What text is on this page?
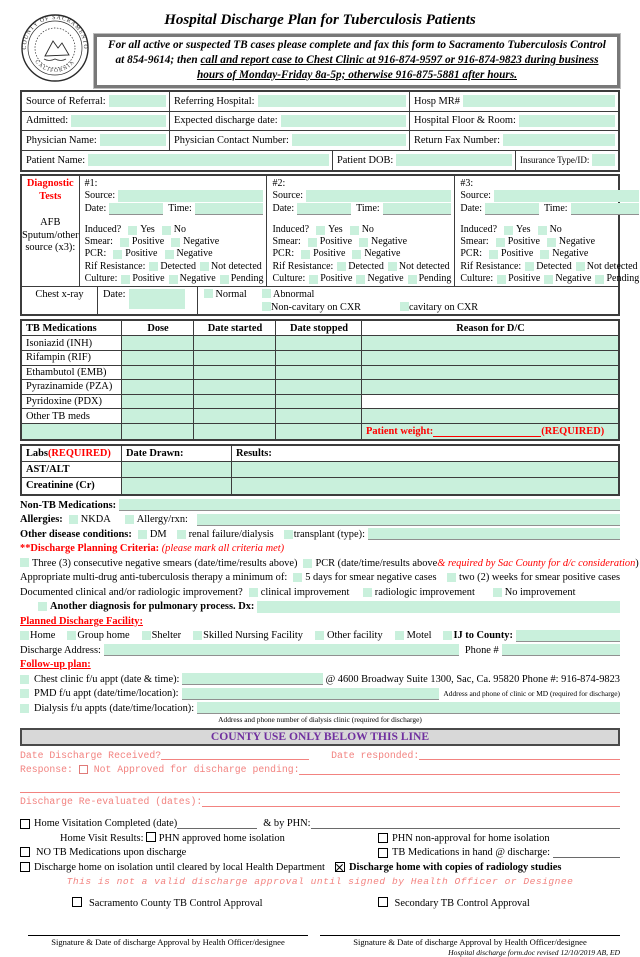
COUNTY OF SACRAMENTO
CALIFORNIA
Hospital Discharge Plan for Tuberculosis Patients
For all active or suspected TB cases please complete and fax this form to Sacramento Tuberculosis Control at 854-9614; then call and report case to Chest Clinic at 916-874-9597 or 916-874-9823 during business hours of Monday-Friday 8a-5p; otherwise 916-875-5881 after hours.
Source of Referral:	Referring Hospital:	Hosp MR#
Admitted:	Expected discharge date:	Hospital Floor & Room:
Physician Name:	Physician Contact Number:	Return Fax Number:
Patient Name:	Patient DOB:	Insurance Type/ID:
Diagnostic
Tests
AFB
Sputum/other
source (x3):
#1:
Source:
Date:	Time:
Induced? Yes No
Smear: Positive Negative
PCR: Positive Negative
Rif Resistance: Detected Not detected
Culture: Positive Negative Pending
#2:
Source:
Date:	Time:
Induced? Yes No
Smear: Positive Negative
PCR: Positive Negative
Rif Resistance: Detected Not detected
Culture: Positive Negative Pending
#3:
Source:
Date:	Time:
Induced? Yes No
Smear: Positive Negative
PCR: Positive Negative
Rif Resistance: Detected Not detected
Culture: Positive Negative Pending
Chest x-ray	Date:	Normal	Abnormal
Non-cavitary on CXR	cavitary on CXR
TB Medications	Dose	Date started	Date stopped	Reason for D/C
Isoniazid (INH)
Rifampin (RIF)
Ethambutol (EMB)
Pyrazinamide (PZA)
Pyridoxine (PDX)
Other TB meds
Patient weight:	(REQUIRED)
Labs (REQUIRED)	Date Drawn:	Results:
AST/ALT
Creatinine (Cr)
Non-TB Medications:
Allergies: NKDA	Allergy/rxn:
Other disease conditions: DM renal failure/dialysis transplant (type):
**Discharge Planning Criteria:
(please mark all criteria met)
Three (3) consecutive negative smears (date/time/results above) PCR (date/time/results above & required by Sac County for d/c consideration )
Appropriate multi-drug anti-tuberculosis therapy a minimum of: 5 days for smear negative cases	two (2) weeks for smear positive cases
Documented clinical and/or radiologic improvement? clinical improvement	radiologic improvement	No improvement
Another diagnosis for pulmonary process. Dx:
Planned Discharge Facility:
Home Group home Shelter Skilled Nursing Facility Other facility Motel IJ to County:
Discharge Address:	Phone #
Follow-up plan:
Chest clinic f/u appt (date & time):	@ 4600 Broadway Suite 1300, Sac, Ca. 95820 Phone #: 916-874-9823
PMD f/u appt (date/time/location):	Address and phone of clinic or MD (required for discharge)
Dialysis f/u appts (date/time/location):
Address and phone number of dialysis clinic (required for discharge)
COUNTY USE ONLY BELOW THIS LINE
Date Discharge Received?	Date responded:
Response:

Not Approved for discharge pending:
Discharge Re-evaluated (dates):
Home Visitation Completed (date)	& by PHN:
Home Visit Results: PHN approved home isolation	PHN non-approval for home isolation
NO TB Medications upon discharge	TB Medications in hand @ discharge:
Discharge home on isolation until cleared by local Health Department Discharge home with copies of radiology studies
This is not a valid discharge approval until signed by Health Officer or Designee
Sacramento County TB Control Approval	Secondary TB Control Approval
Signature & Date of discharge Approval by Health Officer/designee	Signature & Date of discharge Approval by Health Officer/designee
Hospital discharge form.doc revised 12/10/2019 AB, ED
